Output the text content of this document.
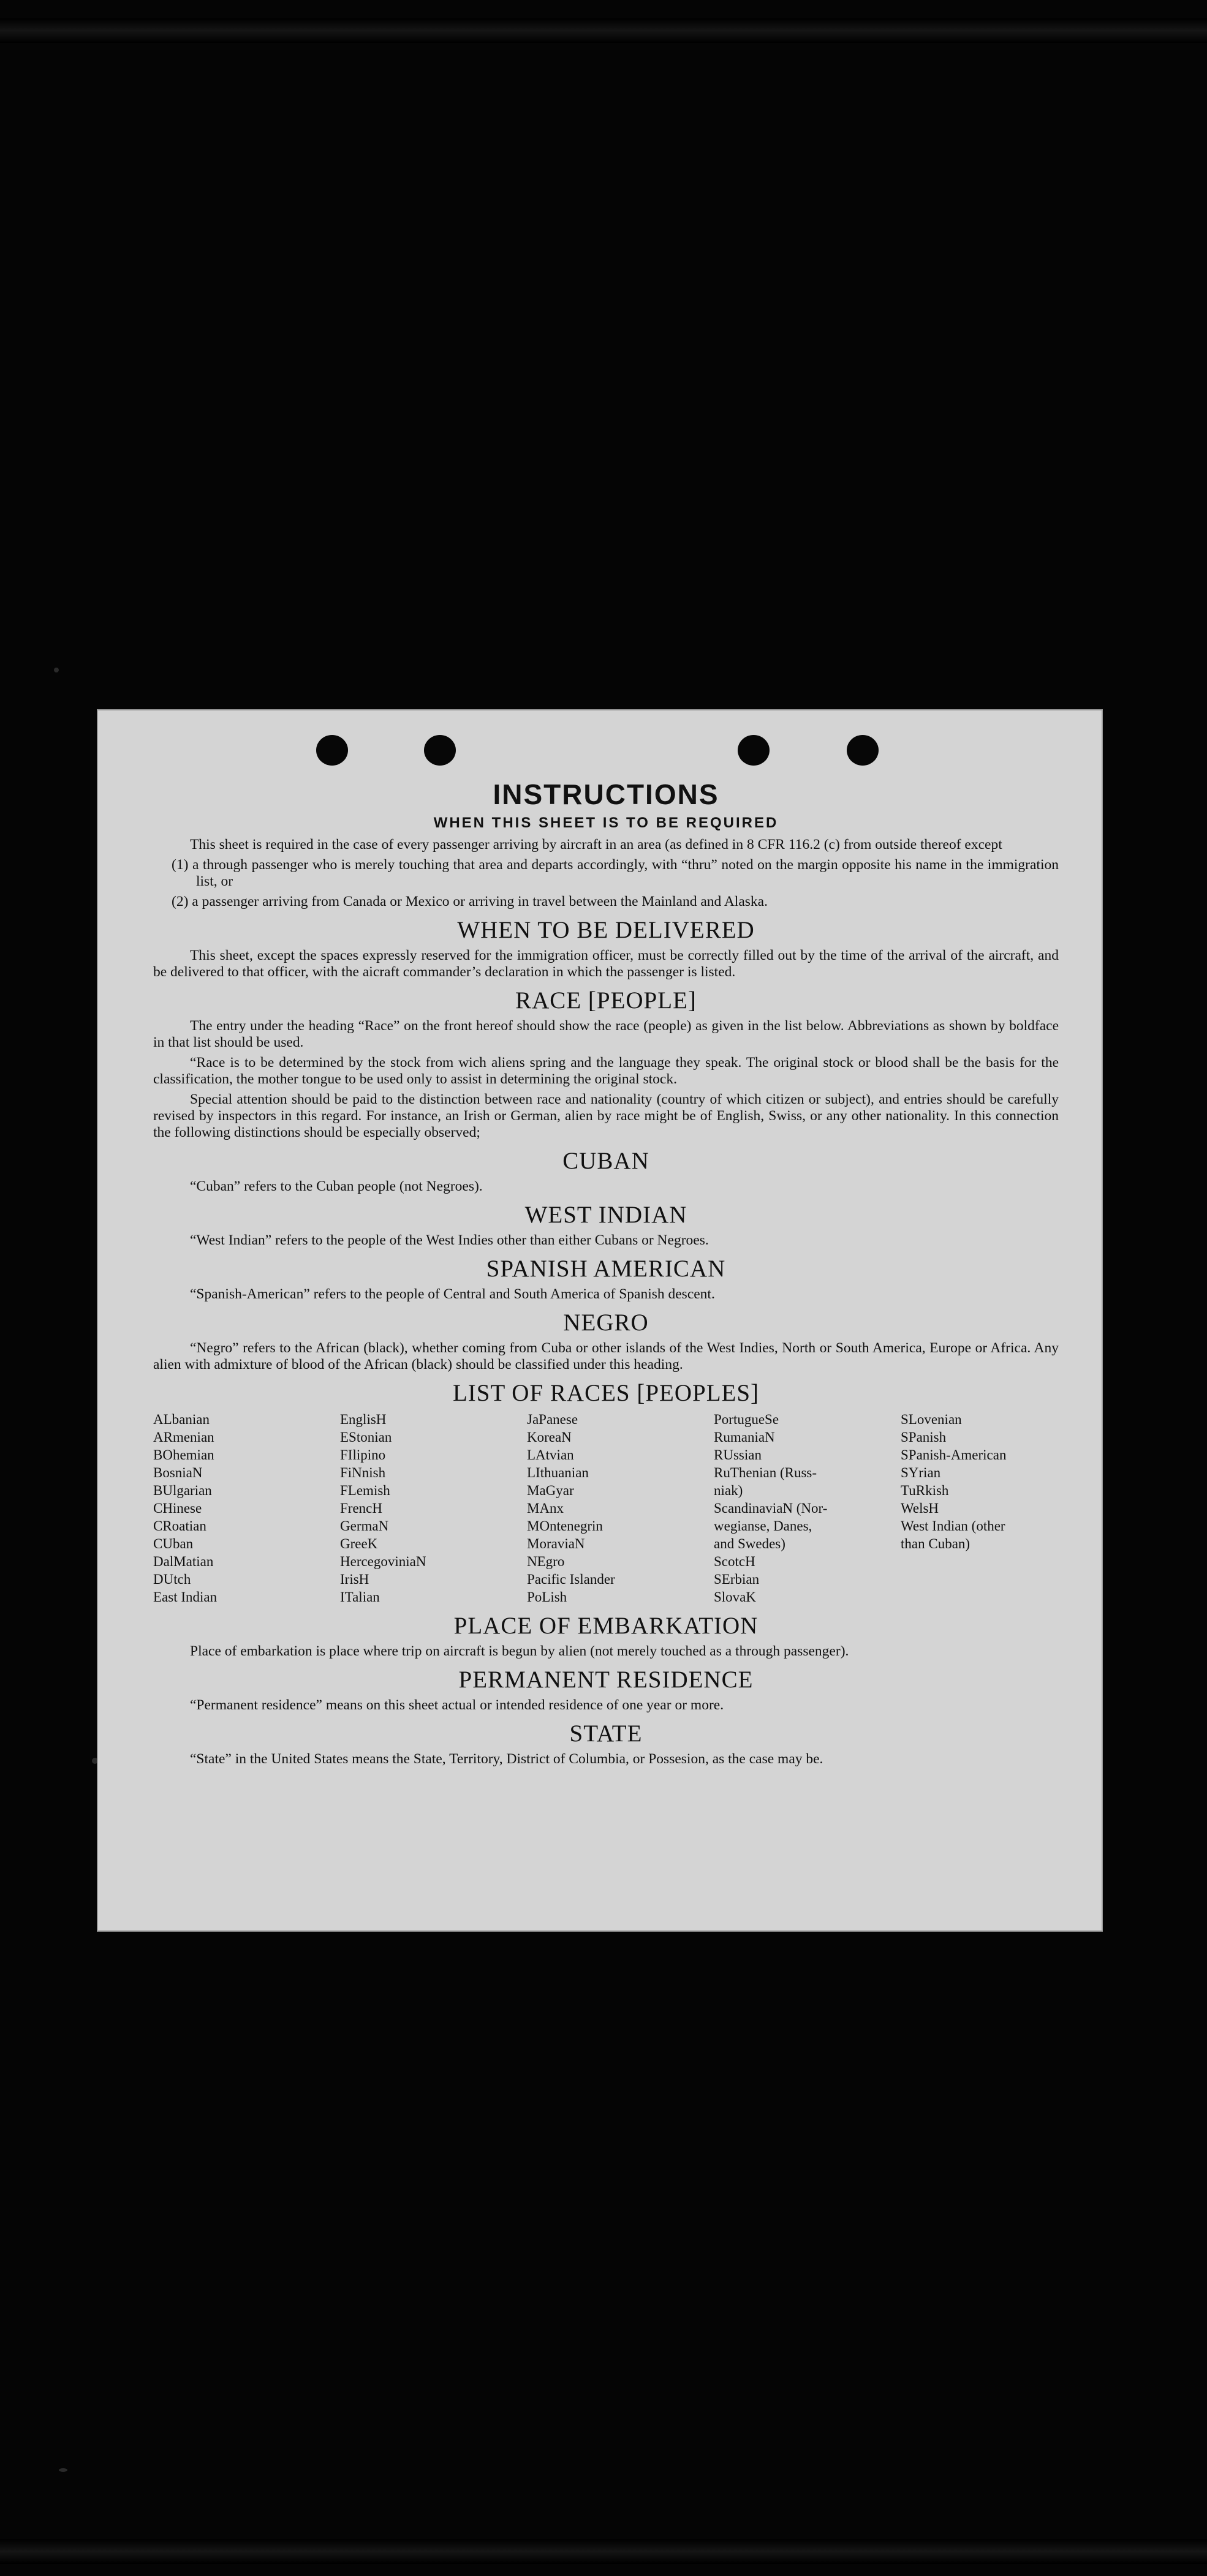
INSTRUCTIONS
WHEN THIS SHEET IS TO BE REQUIRED

This sheet is required in the case of every passenger arriving by aircraft in an area (as defined in 8 CFR 116.2 (c) from outside thereof except

(1) a through passenger who is merely touching that area and departs accordingly, with “thru” noted on the margin opposite his name in the immigration list, or

(2) a passenger arriving from Canada or Mexico or arriving in travel between the Mainland and Alaska.

WHEN TO BE DELIVERED

This sheet, except the spaces expressly reserved for the immigration officer, must be correctly filled out by the time of the arrival of the aircraft, and be delivered to that officer, with the aicraft commander’s declaration in which the passenger is listed.

RACE [PEOPLE]

The entry under the heading “Race” on the front hereof should show the race (people) as given in the list below. Abbreviations as shown by boldface in that list should be used.

“Race is to be determined by the stock from wich aliens spring and the language they speak. The original stock or blood shall be the basis for the classification, the mother tongue to be used only to assist in determining the original stock.

Special attention should be paid to the distinction between race and nationality (country of which citizen or subject), and entries should be carefully revised by inspectors in this regard. For instance, an Irish or German, alien by race might be of English, Swiss, or any other nationality. In this connection the following distinctions should be especially observed;

CUBAN

“Cuban” refers to the Cuban people (not Negroes).

WEST INDIAN

“West Indian” refers to the people of the West Indies other than either Cubans or Negroes.

SPANISH AMERICAN

“Spanish-American” refers to the people of Central and South America of Spanish descent.

NEGRO

“Negro” refers to the African (black), whether coming from Cuba or other islands of the West Indies, North or South America, Europe or Africa. Any alien with admixture of blood of the African (black) should be classified under this heading.

LIST OF RACES [PEOPLES]
ALbanian
ARmenian
BOhemian
BosniaN
BUlgarian
CHinese
CRoatian
CUban
DalMatian
DUtch
East Indian
EnglisH
EStonian
FIlipino
FiNnish
FLemish
FrencH
GermaN
GreeK
HercegoviniaN
IrisH
ITalian
JaPanese
KoreaN
LAtvian
LIthuanian
MaGyar
MAnx
MOntenegrin
MoraviaN
NEgro
Pacific Islander
PoLish
PortugueSe
RumaniaN
RUssian
RuThenian (Russ-
niak)
ScandinaviaN (Nor-
wegianse, Danes,
and Swedes)
ScotcH
SErbian
SlovaK
SLovenian
SPanish
SPanish-American
SYrian
TuRkish
WelsH
West Indian (other
than Cuban)
PLACE OF EMBARKATION

Place of embarkation is place where trip on aircraft is begun by alien (not merely touched as a through passenger).

PERMANENT RESIDENCE

“Permanent residence” means on this sheet actual or intended residence of one year or more.

STATE

“State” in the United States means the State, Territory, District of Columbia, or Possesion, as the case may be.
